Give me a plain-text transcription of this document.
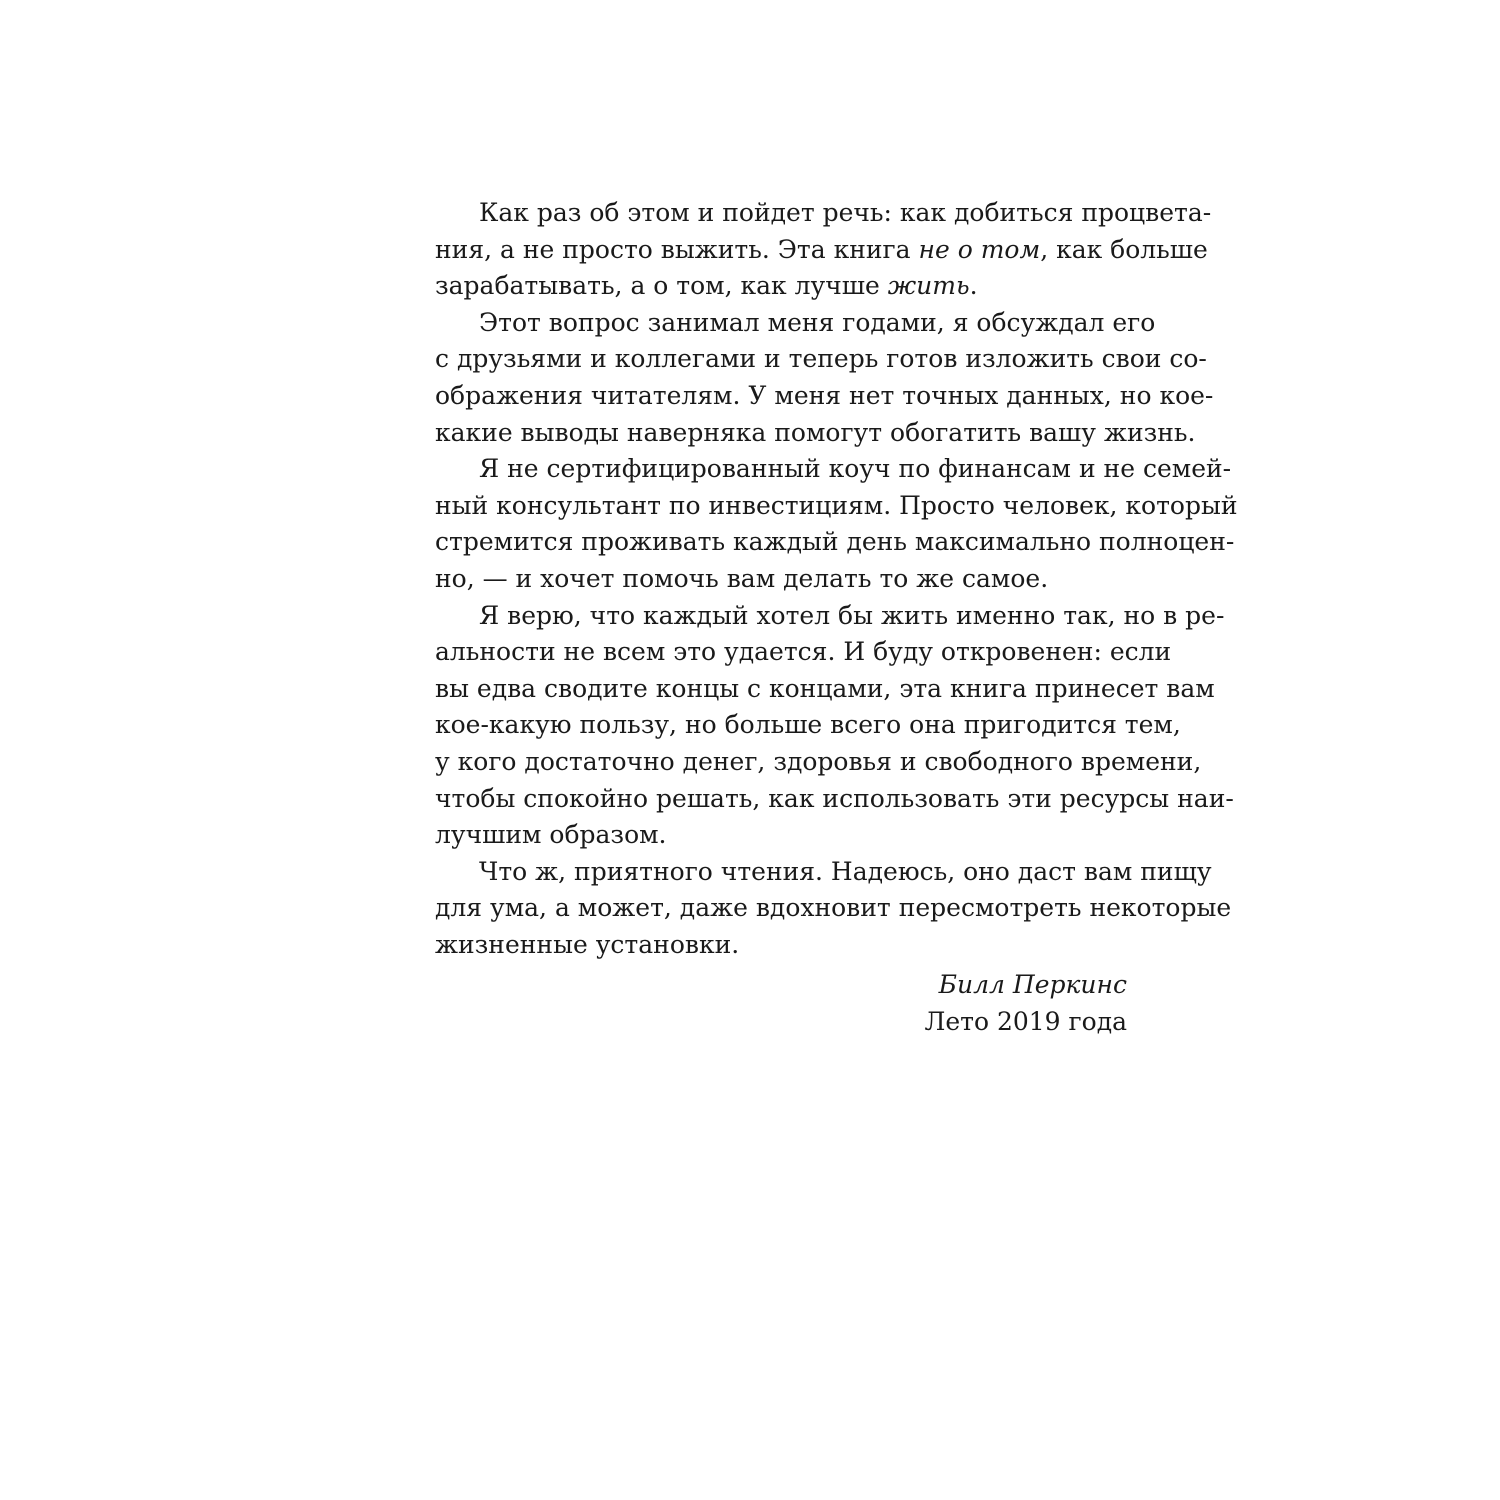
Как раз об этом и пойдет речь: как добиться процвета-
ния, а не просто выжить. Эта книга не о том, как больше
зарабатывать, а о том, как лучше жить.
Этот вопрос занимал меня годами, я обсуждал его
с друзьями и коллегами и теперь готов изложить свои со-
ображения читателям. У меня нет точных данных, но кое-
какие выводы наверняка помогут обогатить вашу жизнь.
Я не сертифицированный коуч по финансам и не семей-
ный консультант по инвестициям. Просто человек, который
стремится проживать каждый день максимально полноцен-
но, — и хочет помочь вам делать то же самое.
Я верю, что каждый хотел бы жить именно так, но в ре-
альности не всем это удается. И буду откровенен: если
вы едва сводите концы с концами, эта книга принесет вам
кое-какую пользу, но больше всего она пригодится тем,
у кого достаточно денег, здоровья и свободного времени,
чтобы спокойно решать, как использовать эти ресурсы наи-
лучшим образом.
Что ж, приятного чтения. Надеюсь, оно даст вам пищу
для ума, а может, даже вдохновит пересмотреть некоторые
жизненные установки.
Билл Перкинс
Лето 2019 года
